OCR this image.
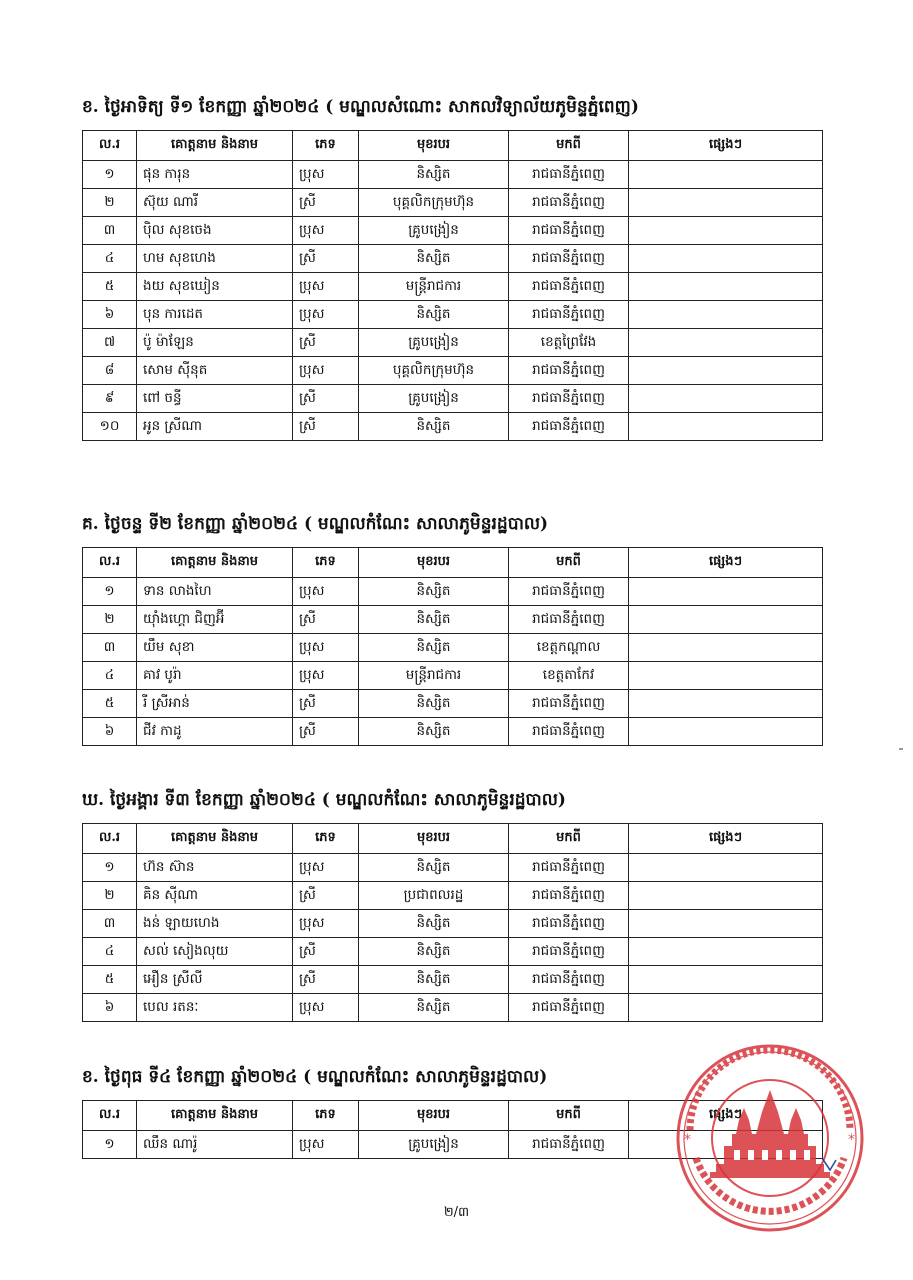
ខ. ថ្ងៃអាទិត្យ ទី១ ខែកញ្ញា ឆ្នាំ២០២៤ ( មណ្ឌលសំណោះ សាកលវិទ្យាល័យភូមិន្ទភ្នំពេញ)
ល.រ	គោត្តនាម និងនាម	ភេទ	មុខរបរ	មកពី	ផ្សេងៗ
១	ផុន ការុន	ប្រុស	និស្សិត	រាជធានីភ្នំពេញ	
២	ស៊ុយ ណារី	ស្រី	បុគ្គលិកក្រុមហ៊ុន	រាជធានីភ្នំពេញ	
៣	ប៉ិល សុខចេង	ប្រុស	គ្រូបង្រៀន	រាជធានីភ្នំពេញ	
៤	ហម សុខហេង	ស្រី	និស្សិត	រាជធានីភ្នំពេញ	
៥	ងយ សុខឃៀន	ប្រុស	មន្ត្រីរាជការ	រាជធានីភ្នំពេញ	
៦	បុន ការដេត	ប្រុស	និស្សិត	រាជធានីភ្នំពេញ	
៧	ប៉ូ ម៉ាឡែន	ស្រី	គ្រូបង្រៀន	ខេត្តព្រៃវែង	
៨	សោម ស៊ីនុត	ប្រុស	បុគ្គលិកក្រុមហ៊ុន	រាជធានីភ្នំពេញ	
៩	ពៅ ចន្ធី	ស្រី	គ្រូបង្រៀន	រាជធានីភ្នំពេញ	
១០	អូន ស្រីណា	ស្រី	និស្សិត	រាជធានីភ្នំពេញ	
គ. ថ្ងៃចន្ទ ទី២ ខែកញ្ញា ឆ្នាំ២០២៤ ( មណ្ឌលកំណែះ សាលាភូមិន្ទរដ្ឋបាល)
ល.រ	គោត្តនាម និងនាម	ភេទ	មុខរបរ	មកពី	ផ្សេងៗ
១	ទាន លាងហៃ	ប្រុស	និស្សិត	រាជធានីភ្នំពេញ	
២	យ៉ាំងហ្គោ ជិញអ៊ី	ស្រី	និស្សិត	រាជធានីភ្នំពេញ	
៣	យឹម សុខា	ប្រុស	និស្សិត	ខេត្តកណ្តាល	
៤	គាវ បូរ៉ា	ប្រុស	មន្ត្រីរាជការ	ខេត្តតាកែវ	
៥	រី ស្រីអាន់	ស្រី	និស្សិត	រាជធានីភ្នំពេញ	
៦	ជីវ កាដូ	ស្រី	និស្សិត	រាជធានីភ្នំពេញ	
ឃ. ថ្ងៃអង្គារ ទី៣ ខែកញ្ញា ឆ្នាំ២០២៤ ( មណ្ឌលកំណែះ សាលាភូមិន្ទរដ្ឋបាល)
ល.រ	គោត្តនាម និងនាម	ភេទ	មុខរបរ	មកពី	ផ្សេងៗ
១	ហ៊ន ស៊ាន	ប្រុស	និស្សិត	រាជធានីភ្នំពេញ	
២	គិន ស៊ីណា	ស្រី	ប្រជាពលរដ្ឋ	រាជធានីភ្នំពេញ	
៣	ងន់ ឡាយហេង	ប្រុស	និស្សិត	រាជធានីភ្នំពេញ	
៤	សល់ សៀងលុយ	ស្រី	និស្សិត	រាជធានីភ្នំពេញ	
៥	អឿន ស្រីលី	ស្រី	និស្សិត	រាជធានីភ្នំពេញ	
៦	បេល រតនៈ	ប្រុស	និស្សិត	រាជធានីភ្នំពេញ	
ខ. ថ្ងៃពុធ ទី៤ ខែកញ្ញា ឆ្នាំ២០២៤ ( មណ្ឌលកំណែះ សាលាភូមិន្ទរដ្ឋបាល)
ល.រ	គោត្តនាម និងនាម	ភេទ	មុខរបរ	មកពី	ផ្សេងៗ
១	ឈឹន ណារ៉ូ	ប្រុស	គ្រូបង្រៀន	រាជធានីភ្នំពេញ		*	*
២/៣
